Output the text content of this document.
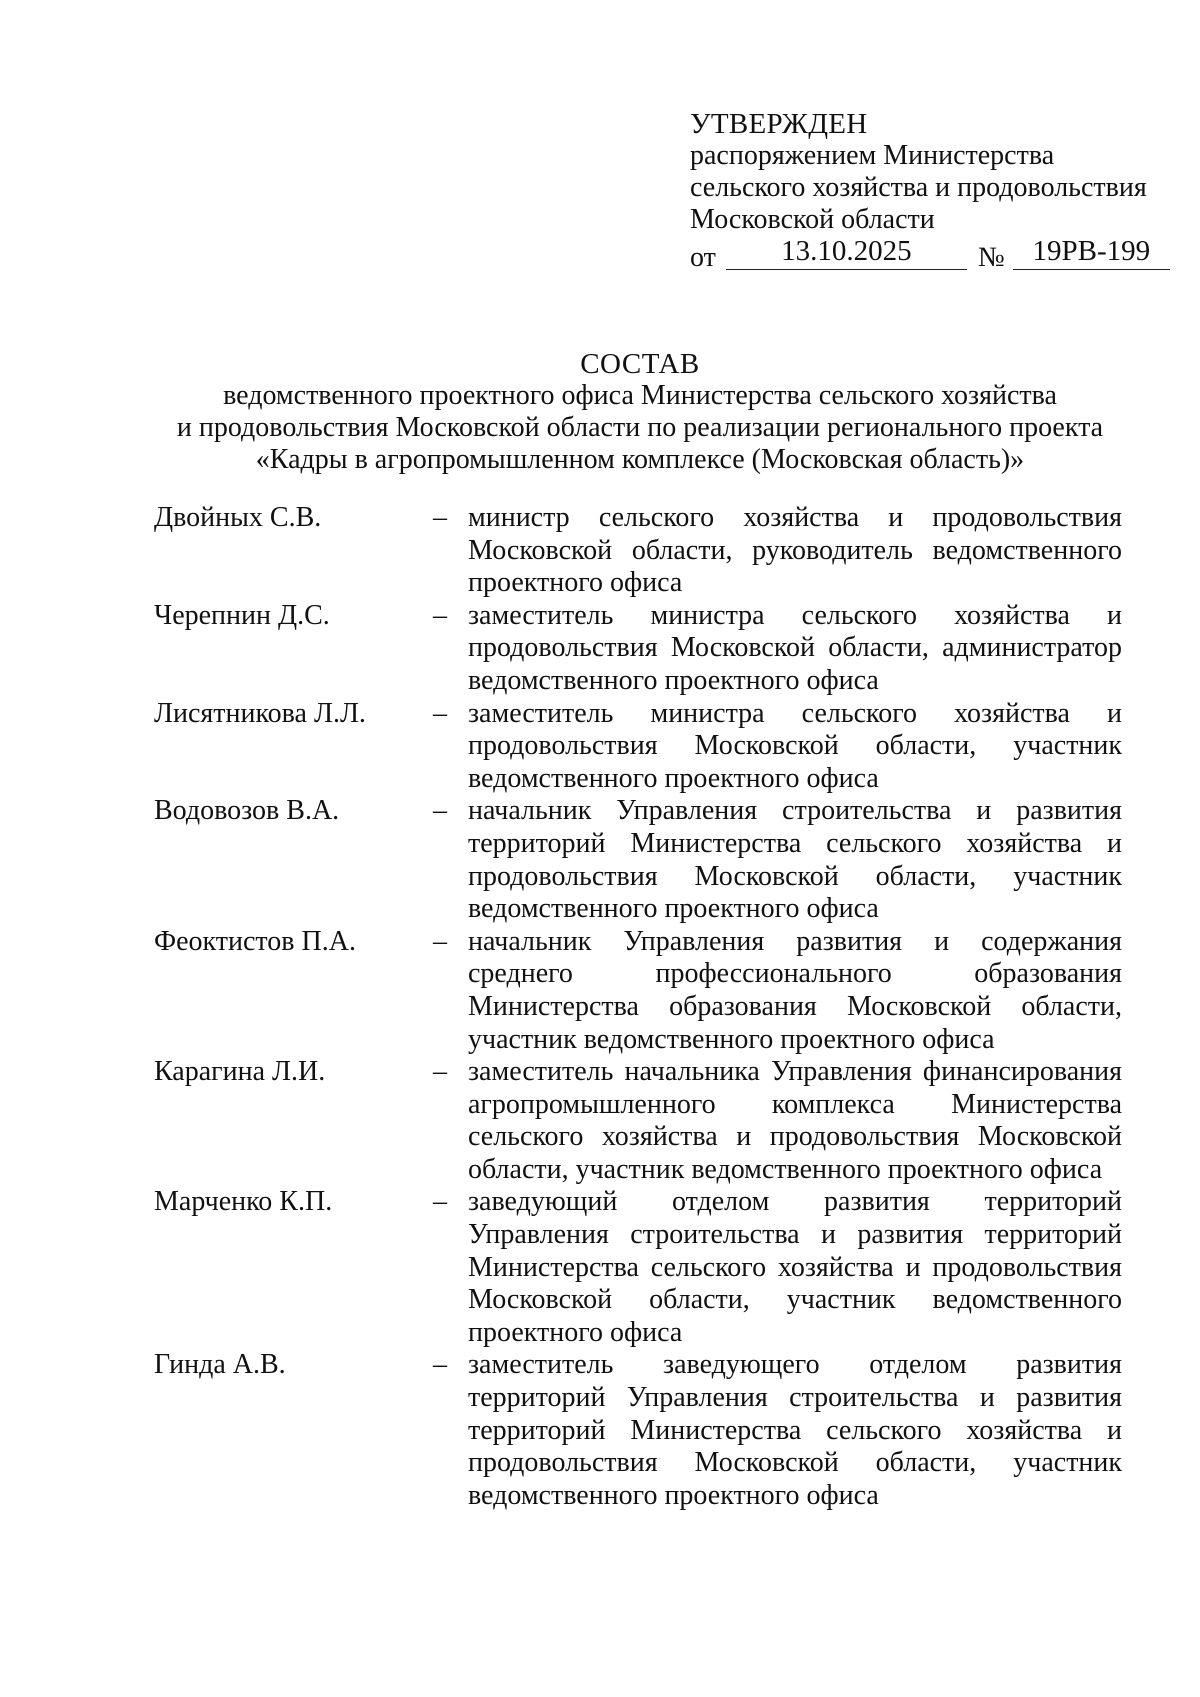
УТВЕРЖДЕН
распоряжением Министерства
сельского хозяйства и продовольствия
Московской области
от	13.10.2025	№ 19РВ-199
СОСТАВ
ведомственного проектного офиса Министерства сельского хозяйства
и продовольствия Московской области по реализации регионального проекта
«Кадры в агропромышленном комплексе (Московская область)»
Двойных С.В.	– министр сельского хозяйства и продовольствия Московской области, руководитель ведомственного проектного офиса
Черепнин Д.С.	– заместитель министра сельского хозяйства и продовольствия Московской области, администратор ведомственного проектного офиса
Лисятникова Л.Л.	– заместитель министра сельского хозяйства и продовольствия Московской области, участник ведомственного проектного офиса
Водовозов В.А.	– начальник Управления строительства и развития территорий Министерства сельского хозяйства и продовольствия Московской области, участник ведомственного проектного офиса
Феоктистов П.А.	– начальник Управления развития и содержания среднего профессионального образования Министерства образования Московской области, участник ведомственного проектного офиса
Карагина Л.И.	– заместитель начальника Управления финансирования агропромышленного комплекса Министерства сельского хозяйства и продовольствия Московской области, участник ведомственного проектного офиса
Марченко К.П.	– заведующий отделом развития территорий Управления строительства и развития территорий Министерства сельского хозяйства и продовольствия Московской области, участник ведомственного проектного офиса
Гинда А.В.	– заместитель заведующего отделом развития территорий Управления строительства и развития территорий Министерства сельского хозяйства и продовольствия Московской области, участник ведомственного проектного офиса
